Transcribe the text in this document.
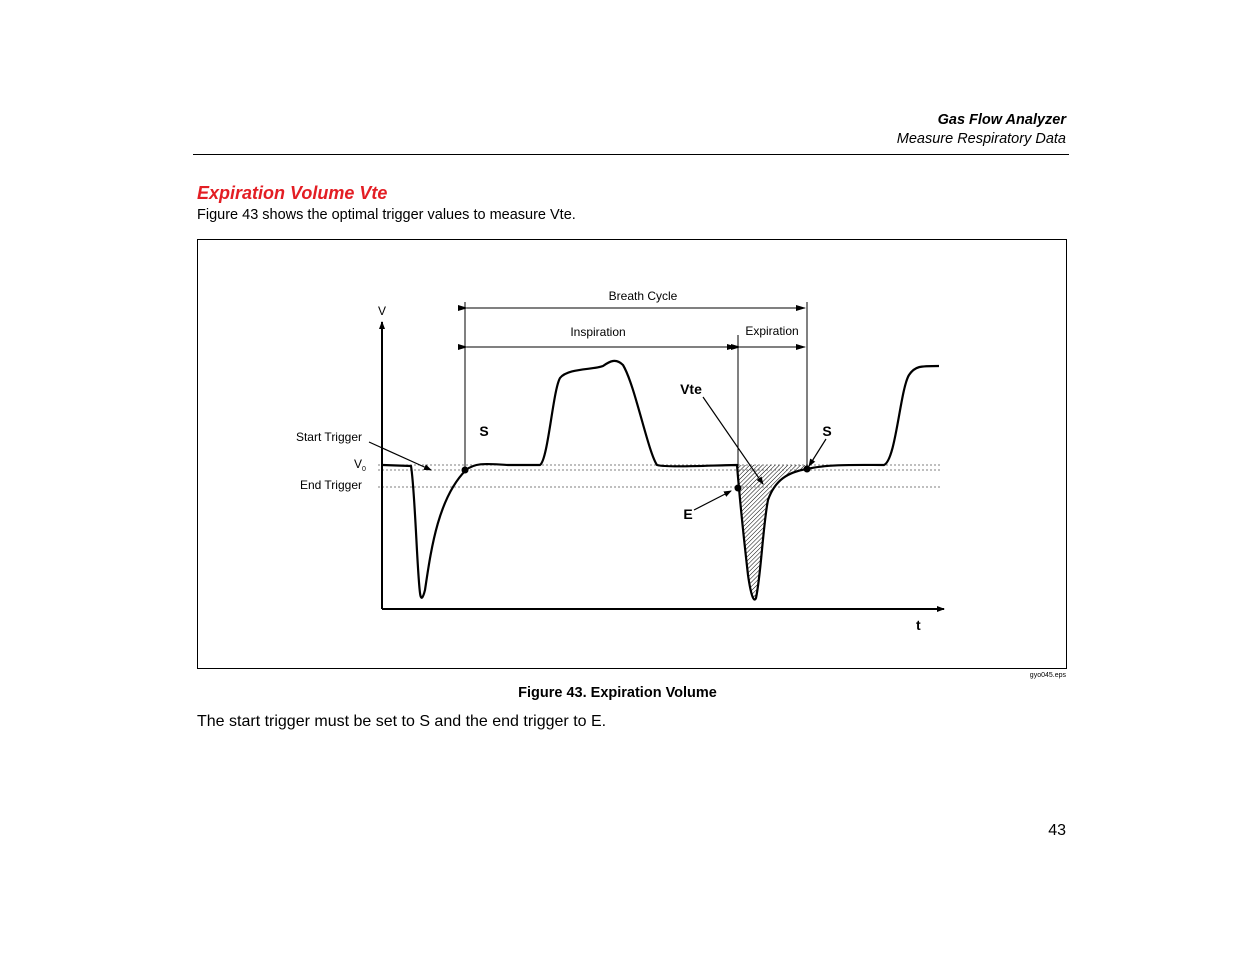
Gas Flow Analyzer
Measure Respiratory Data
Expiration Volume Vte
Figure 43 shows the optimal trigger values to measure Vte.
V
t
Breath Cycle
Inspiration	Expiration
Start Trigger
$V_0$
End Trigger
S	S
E
Vte
gyo045.eps
Figure 43. Expiration Volume
The start trigger must be set to S and the end trigger to E.
43
